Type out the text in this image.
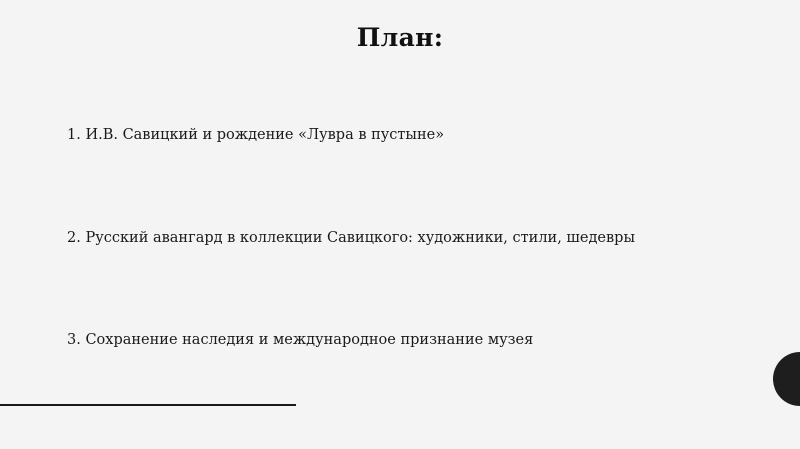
План:
1. И.В. Савицкий и рождение «Лувра в пустыне»
2. Русский авангард в коллекции Савицкого: художники, стили, шедевры
3. Сохранение наследия и международное признание музея
